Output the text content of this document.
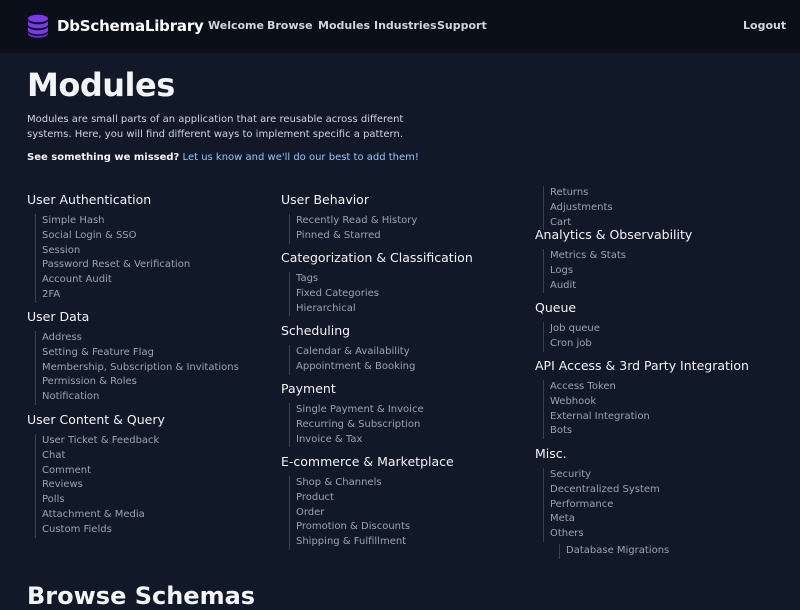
DbSchemaLibrary Welcome Browse Modules Industries Support	Logout
Modules

Modules are small parts of an application that are reusable across different systems. Here, you will find different ways to implement specific a pattern.

See something we missed? Let us know and we'll do our best to add them!

User Authentication
Simple Hash
Social Login & SSO
Session
Password Reset & Verification
Account Audit
2FA
User Data
Address
Setting & Feature Flag
Membership, Subscription & Invitations
Permission & Roles
Notification
User Content & Query
User Ticket & Feedback
Chat
Comment
Reviews
Polls
Attachment & Media
Custom Fields
User Behavior
Recently Read & History
Pinned & Starred
Categorization & Classification
Tags
Fixed Categories
Hierarchical
Scheduling
Calendar & Availability
Appointment & Booking
Payment
Single Payment & Invoice
Recurring & Subscription
Invoice & Tax
E-commerce & Marketplace
Shop & Channels
Product
Order
Promotion & Discounts
Shipping & Fulfillment
Returns
Adjustments
Cart
Analytics & Observability
Metrics & Stats
Logs
Audit
Queue
Job queue
Cron job
API Access & 3rd Party Integration
Access Token
Webhook
External Integration
Bots
Misc.
Security
Decentralized System
Performance
Meta
Others
Database Migrations
Browse Schemas
